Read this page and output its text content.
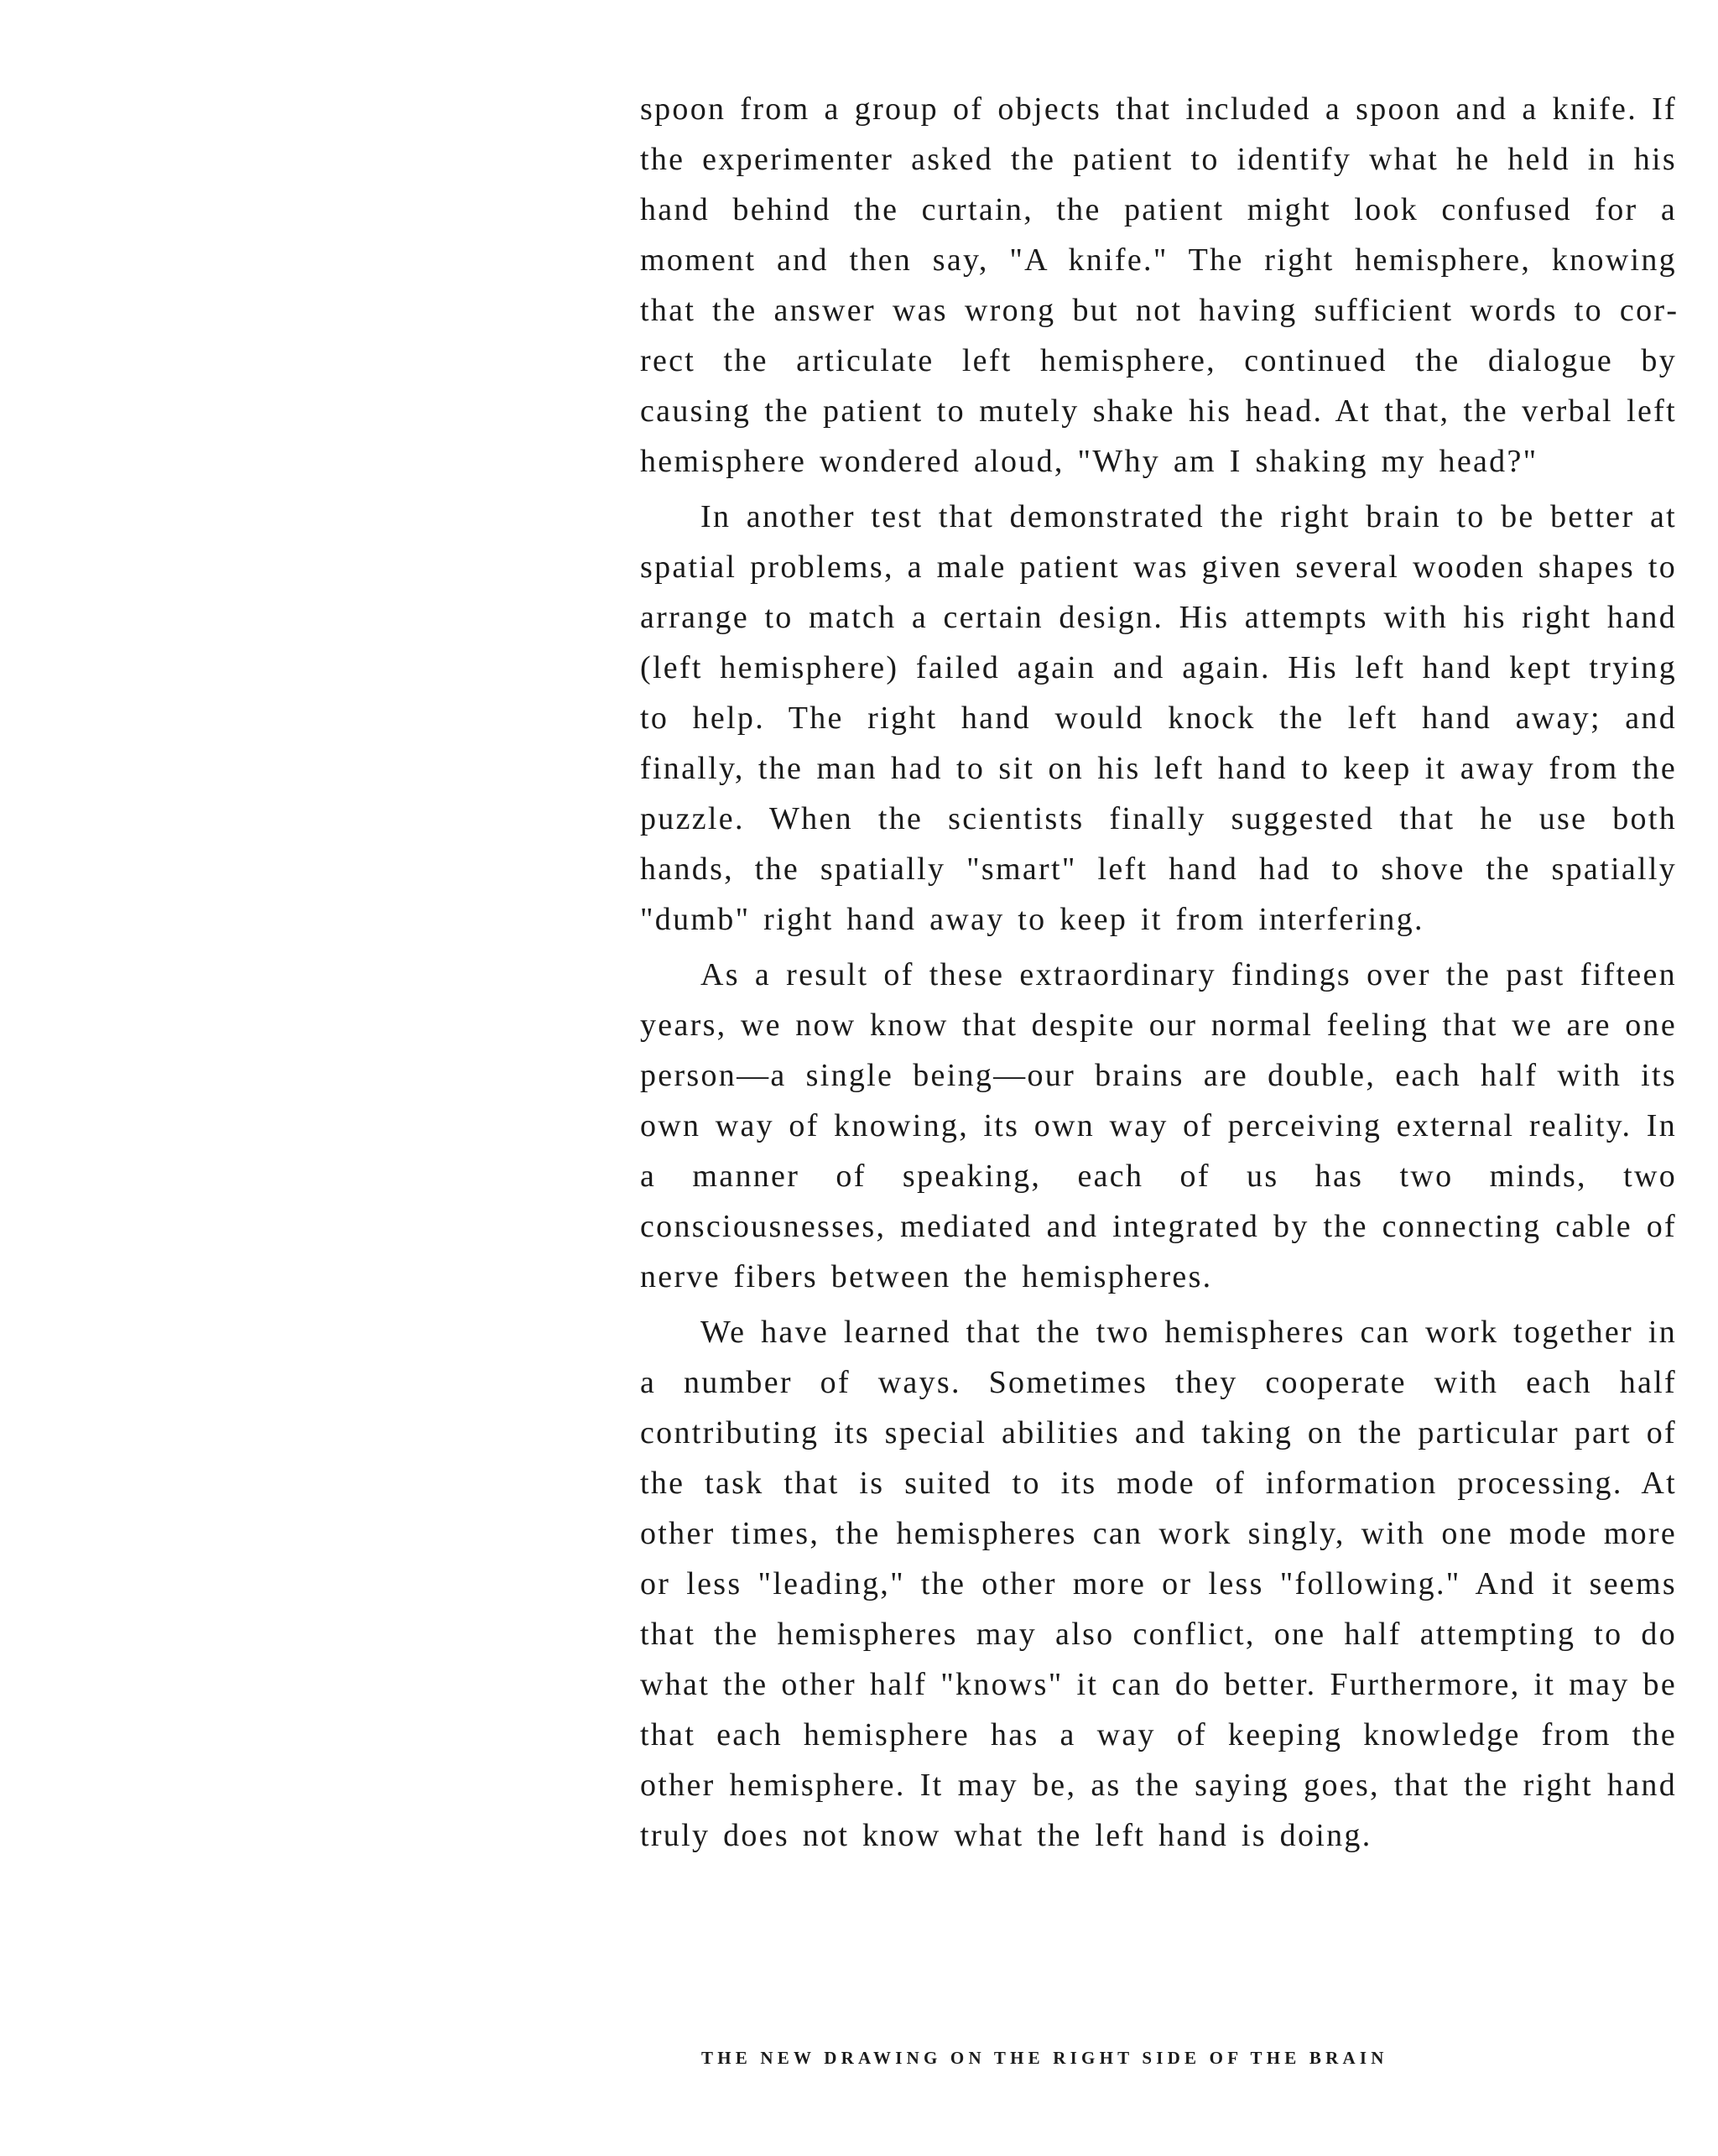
spoon from a group of objects that included a spoon and a knife. If the experimenter asked the patient to identify what he held in his hand behind the curtain, the patient might look confused for a moment and then say, "A knife." The right hemisphere, knowing that the answer was wrong but not having sufficient words to correct the articulate left hemisphere, continued the dialogue by causing the patient to mutely shake his head. At that, the verbal left hemisphere wondered aloud, "Why am I shaking my head?"

In another test that demonstrated the right brain to be better at spatial problems, a male patient was given several wooden shapes to arrange to match a certain design. His attempts with his right hand (left hemisphere) failed again and again. His left hand kept trying to help. The right hand would knock the left hand away; and finally, the man had to sit on his left hand to keep it away from the puzzle. When the scientists finally suggested that he use both hands, the spatially "smart" left hand had to shove the spatially "dumb" right hand away to keep it from interfering.

As a result of these extraordinary findings over the past fifteen years, we now know that despite our normal feeling that we are one person—a single being—our brains are double, each half with its own way of knowing, its own way of perceiving external reality. In a manner of speaking, each of us has two minds, two consciousnesses, mediated and integrated by the connecting cable of nerve fibers between the hemispheres.

We have learned that the two hemispheres can work together in a number of ways. Sometimes they cooperate with each half contributing its special abilities and taking on the particular part of the task that is suited to its mode of information processing. At other times, the hemispheres can work singly, with one mode more or less "leading," the other more or less "following." And it seems that the hemispheres may also conflict, one half attempting to do what the other half "knows" it can do better. Furthermore, it may be that each hemisphere has a way of keeping knowledge from the other hemisphere. It may be, as the saying goes, that the right hand truly does not know what the left hand is doing.

THE NEW DRAWING ON THE RIGHT SIDE OF THE BRAIN
